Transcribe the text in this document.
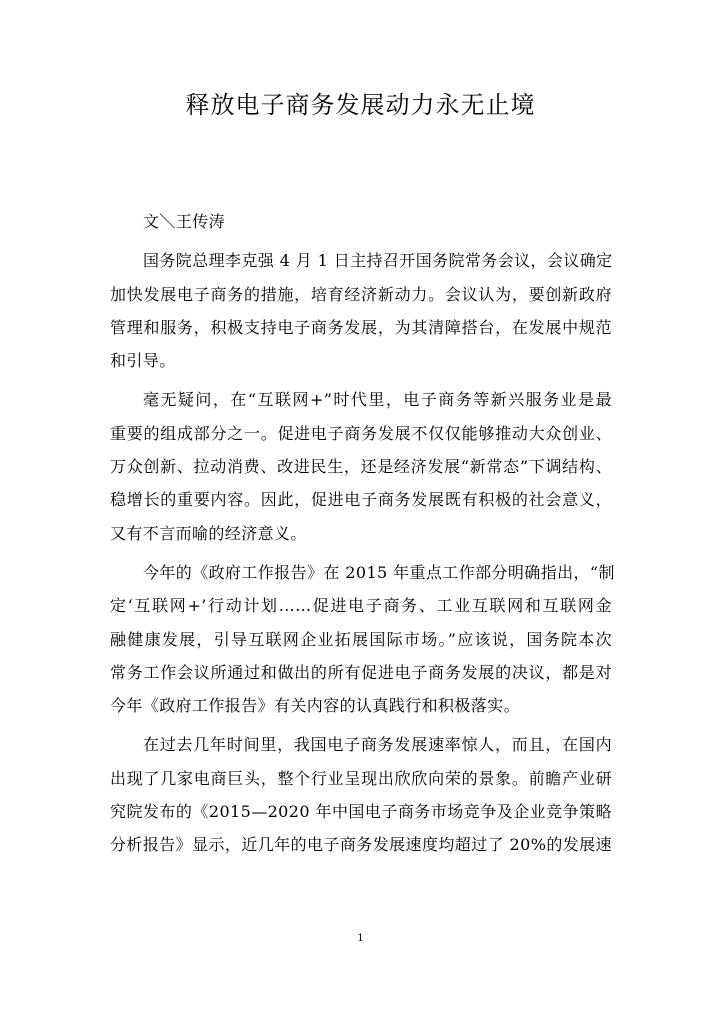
释放电子商务发展动力永无止境
文＼王传涛
国务院总理李克强 4 月 1 日主持召开国务院常务会议，会议确定
加快发展电子商务的措施，培育经济新动力。会议认为，要创新政府
管理和服务，积极支持电子商务发展，为其清障搭台，在发展中规范
和引导。
毫无疑问，在“互联网+”时代里，电子商务等新兴服务业是最
重要的组成部分之一。促进电子商务发展不仅仅能够推动大众创业、
万众创新、拉动消费、改进民生，还是经济发展“新常态”下调结构、
稳增长的重要内容。因此，促进电子商务发展既有积极的社会意义，
又有不言而喻的经济意义。
今年的《政府工作报告》在 2015 年重点工作部分明确指出，“制
定‘互联网+’行动计划……促进电子商务、工业互联网和互联网金
融健康发展，引导互联网企业拓展国际市场。”应该说，国务院本次
常务工作会议所通过和做出的所有促进电子商务发展的决议，都是对
今年《政府工作报告》有关内容的认真践行和积极落实。
在过去几年时间里，我国电子商务发展速率惊人，而且，在国内
出现了几家电商巨头，整个行业呈现出欣欣向荣的景象。前瞻产业研
究院发布的《2015—2020 年中国电子商务市场竞争及企业竞争策略
分析报告》显示，近几年的电子商务发展速度均超过了 20%的发展速
1
